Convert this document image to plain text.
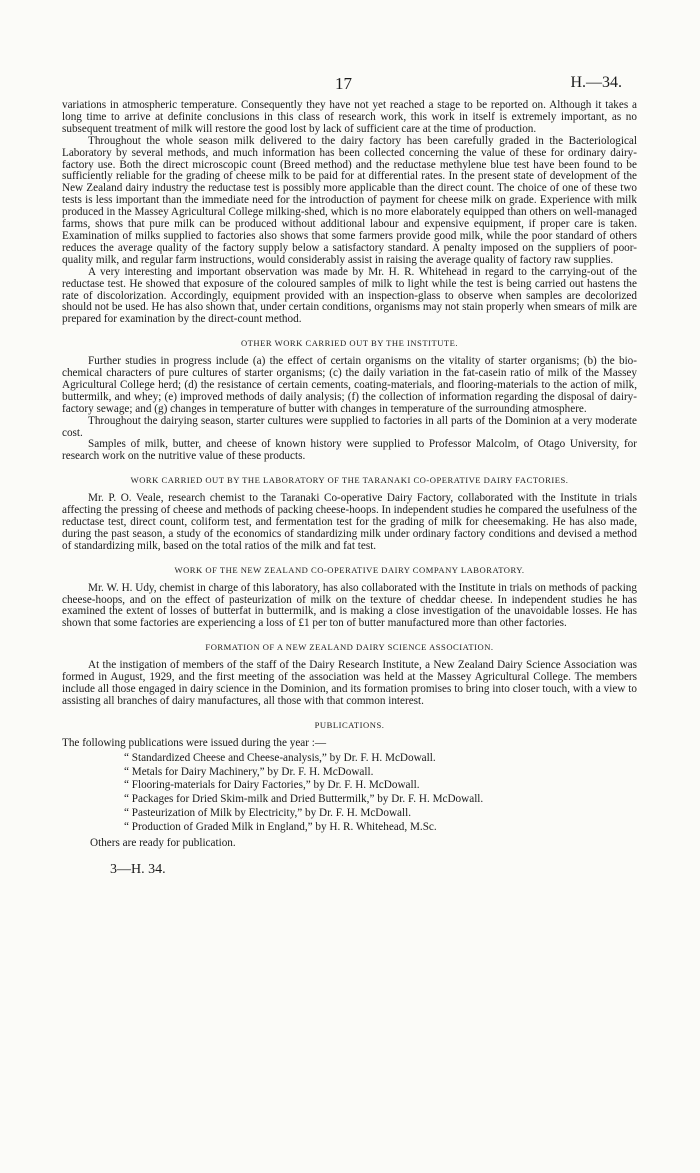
17	H.—34.

variations in atmospheric temperature. Consequently they have not yet reached a stage to be reported on. Although it takes a long time to arrive at definite conclusions in this class of research work, this work in itself is extremely important, as no subsequent treatment of milk will restore the good lost by lack of sufficient care at the time of production.

Throughout the whole season milk delivered to the dairy factory has been carefully graded in the Bacteriological Laboratory by several methods, and much information has been collected concerning the value of these for ordinary dairy-factory use. Both the direct microscopic count (Breed method) and the reductase methylene blue test have been found to be sufficiently reliable for the grading of cheese milk to be paid for at differential rates. In the present state of development of the New Zealand dairy industry the reductase test is possibly more applicable than the direct count. The choice of one of these two tests is less important than the immediate need for the introduction of payment for cheese milk on grade. Experience with milk produced in the Massey Agricultural College milking-shed, which is no more elaborately equipped than others on well-managed farms, shows that pure milk can be produced without additional labour and expensive equipment, if proper care is taken. Examination of milks supplied to factories also shows that some farmers provide good milk, while the poor standard of others reduces the average quality of the factory supply below a satisfactory standard. A penalty imposed on the suppliers of poor-quality milk, and regular farm instructions, would considerably assist in raising the average quality of factory raw supplies.

A very interesting and important observation was made by Mr. H. R. Whitehead in regard to the carrying-out of the reductase test. He showed that exposure of the coloured samples of milk to light while the test is being carried out hastens the rate of discolorization. Accordingly, equipment provided with an inspection-glass to observe when samples are decolorized should not be used. He has also shown that, under certain conditions, organisms may not stain properly when smears of milk are prepared for examination by the direct-count method.

OTHER WORK CARRIED OUT BY THE INSTITUTE.

Further studies in progress include (a) the effect of certain organisms on the vitality of starter organisms; (b) the bio-chemical characters of pure cultures of starter organisms; (c) the daily variation in the fat-casein ratio of milk of the Massey Agricultural College herd; (d) the resistance of certain cements, coating-materials, and flooring-materials to the action of milk, buttermilk, and whey; (e) improved methods of daily analysis; (f) the collection of information regarding the disposal of dairy-factory sewage; and (g) changes in temperature of butter with changes in temperature of the surrounding atmosphere.

Throughout the dairying season, starter cultures were supplied to factories in all parts of the Dominion at a very moderate cost.

Samples of milk, butter, and cheese of known history were supplied to Professor Malcolm, of Otago University, for research work on the nutritive value of these products.

WORK CARRIED OUT BY THE LABORATORY OF THE TARANAKI CO-OPERATIVE DAIRY FACTORIES.

Mr. P. O. Veale, research chemist to the Taranaki Co-operative Dairy Factory, collaborated with the Institute in trials affecting the pressing of cheese and methods of packing cheese-hoops. In independent studies he compared the usefulness of the reductase test, direct count, coliform test, and fermentation test for the grading of milk for cheesemaking. He has also made, during the past season, a study of the economics of standardizing milk under ordinary factory conditions and devised a method of standardizing milk, based on the total ratios of the milk and fat test.

WORK OF THE NEW ZEALAND CO-OPERATIVE DAIRY COMPANY LABORATORY.

Mr. W. H. Udy, chemist in charge of this laboratory, has also collaborated with the Institute in trials on methods of packing cheese-hoops, and on the effect of pasteurization of milk on the texture of cheddar cheese. In independent studies he has examined the extent of losses of butterfat in buttermilk, and is making a close investigation of the unavoidable losses. He has shown that some factories are experiencing a loss of £1 per ton of butter manufactured more than other factories.

FORMATION OF A NEW ZEALAND DAIRY SCIENCE ASSOCIATION.

At the instigation of members of the staff of the Dairy Research Institute, a New Zealand Dairy Science Association was formed in August, 1929, and the first meeting of the association was held at the Massey Agricultural College. The members include all those engaged in dairy science in the Dominion, and its formation promises to bring into closer touch, with a view to assisting all branches of dairy manufactures, all those with that common interest.

PUBLICATIONS.

The following publications were issued during the year :—

“ Standardized Cheese and Cheese-analysis,” by Dr. F. H. McDowall.
“ Metals for Dairy Machinery,” by Dr. F. H. McDowall.
“ Flooring-materials for Dairy Factories,” by Dr. F. H. McDowall.
“ Packages for Dried Skim-milk and Dried Buttermilk,” by Dr. F. H. McDowall.
“ Pasteurization of Milk by Electricity,” by Dr. F. H. McDowall.
“ Production of Graded Milk in England,” by H. R. Whitehead, M.Sc.

Others are ready for publication.

3—H. 34.
